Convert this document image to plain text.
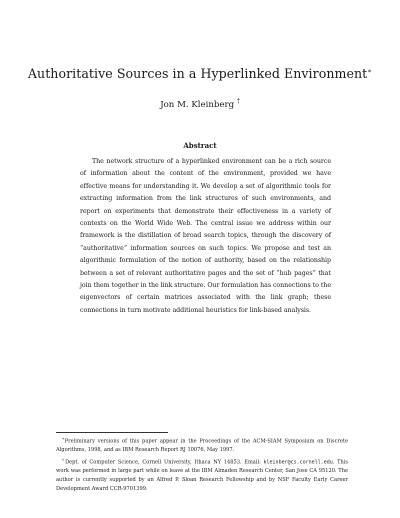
Authoritative Sources in a Hyperlinked Environment∗
Jon M. Kleinberg †
Abstract
The network structure of a hyperlinked environment can be a rich source of information about the content of the environment, provided we have effective means for understanding it. We develop a set of algorithmic tools for extracting information from the link structures of such environments, and report on experiments that demonstrate their effectiveness in a variety of contexts on the World Wide Web. The central issue we address within our framework is the distillation of broad search topics, through the discovery of “authoritative” information sources on such topics. We propose and test an algorithmic formulation of the notion of authority, based on the relationship between a set of relevant authoritative pages and the set of “hub pages” that join them together in the link structure. Our formulation has connections to the eigenvectors of certain matrices associated with the link graph; these connections in turn motivate additional heuristics for link-based analysis.
∗Preliminary versions of this paper appear in the Proceedings of the ACM-SIAM Symposium on Discrete Algorithms, 1998, and as IBM Research Report RJ 10076, May 1997.
†Dept. of Computer Science, Cornell University, Ithaca NY 14853. Email: kleinber@cs.cornell.edu. This work was performed in large part while on leave at the IBM Almaden Research Center, San Jose CA 95120. The author is currently supported by an Alfred P. Sloan Research Fellowship and by NSF Faculty Early Career Development Award CCR-9701399.
